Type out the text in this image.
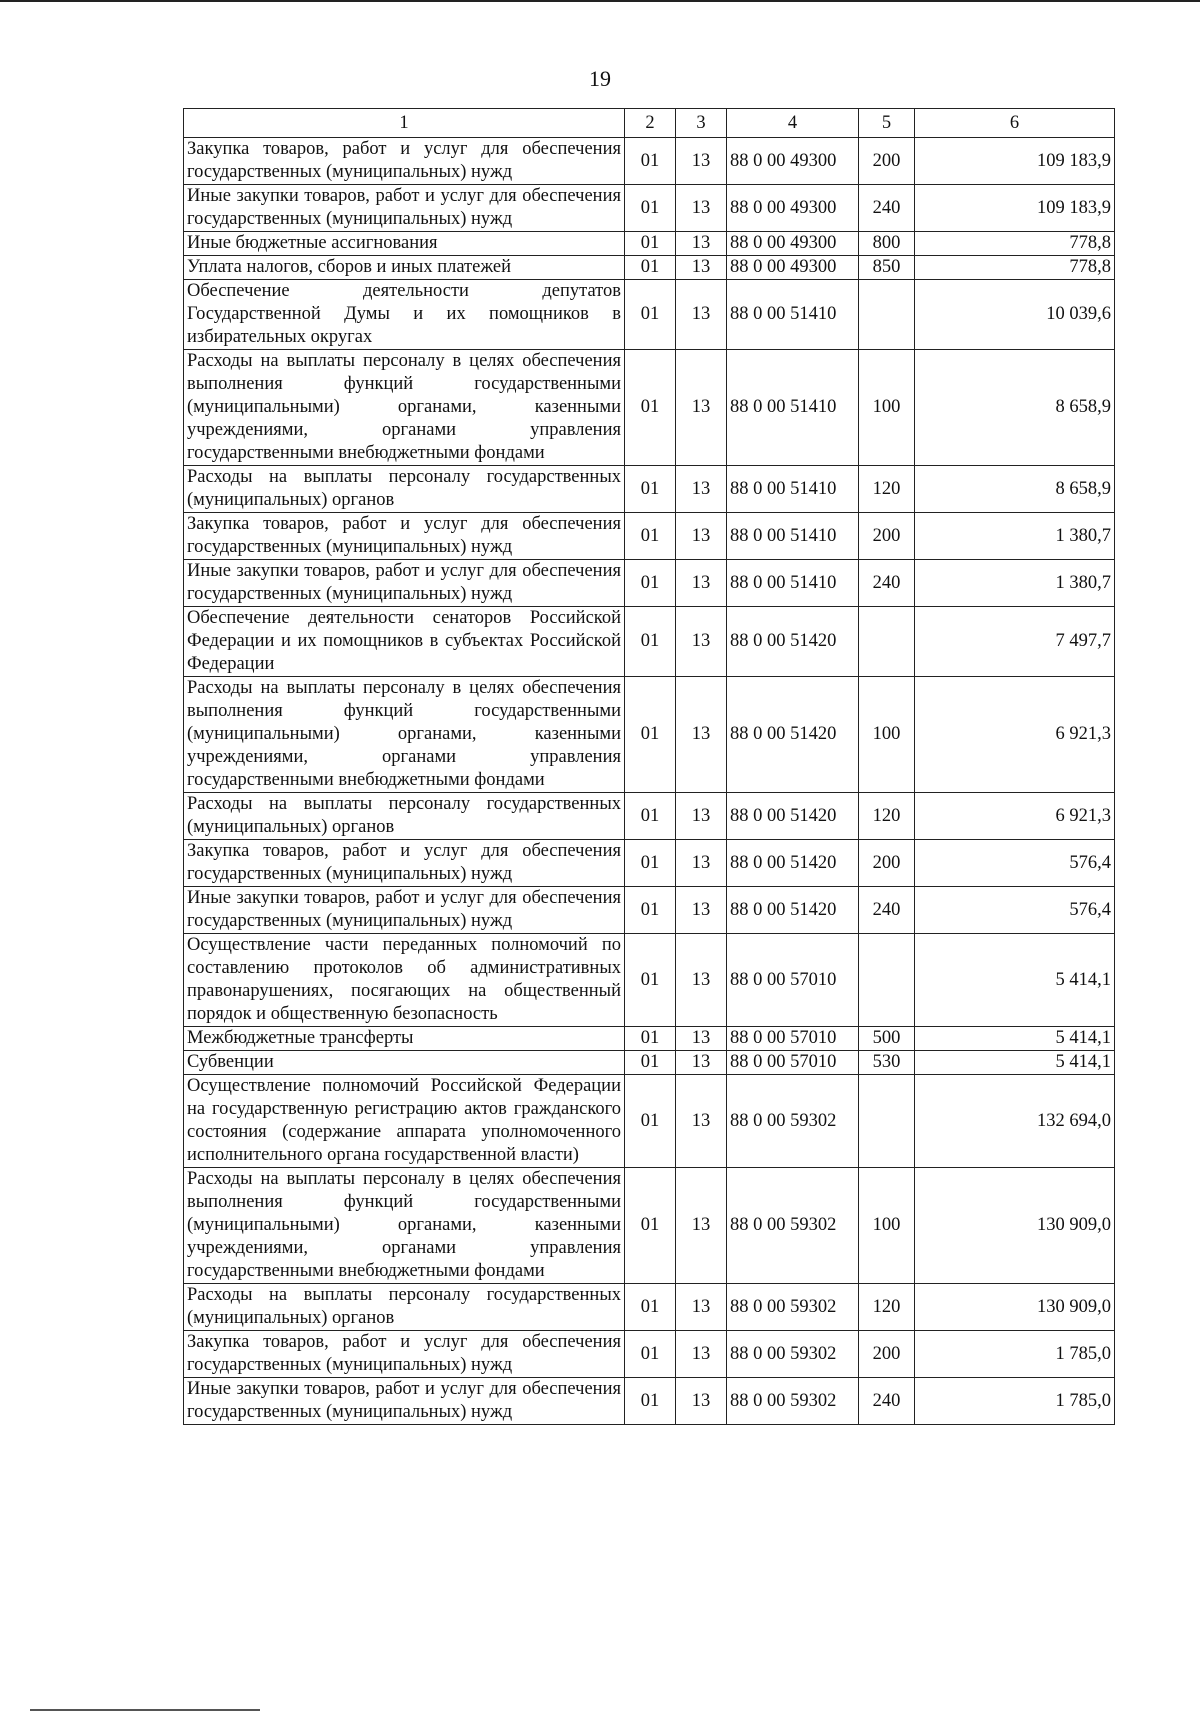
19
1	2	3	4	5	6
Закупка товаров, работ и услуг для обеспечения государственных (муниципальных) нужд	01	13	88 0 00 49300	200	109 183,9
Иные закупки товаров, работ и услуг для обеспечения государственных (муниципальных) нужд	01	13	88 0 00 49300	240	109 183,9
Иные бюджетные ассигнования	01	13	88 0 00 49300	800	778,8
Уплата налогов, сборов и иных платежей	01	13	88 0 00 49300	850	778,8
Обеспечение деятельности депутатов Государственной Думы и их помощников в избирательных округах	01	13	88 0 00 51410		10 039,6
Расходы на выплаты персоналу в целях обеспечения выполнения функций государственными (муниципальными) органами, казенными учреждениями, органами управления государственными внебюджетными фондами	01	13	88 0 00 51410	100	8 658,9
Расходы на выплаты персоналу государственных (муниципальных) органов	01	13	88 0 00 51410	120	8 658,9
Закупка товаров, работ и услуг для обеспечения государственных (муниципальных) нужд	01	13	88 0 00 51410	200	1 380,7
Иные закупки товаров, работ и услуг для обеспечения государственных (муниципальных) нужд	01	13	88 0 00 51410	240	1 380,7
Обеспечение деятельности сенаторов Российской Федерации и их помощников в субъектах Российской Федерации	01	13	88 0 00 51420		7 497,7
Расходы на выплаты персоналу в целях обеспечения выполнения функций государственными (муниципальными) органами, казенными учреждениями, органами управления государственными внебюджетными фондами	01	13	88 0 00 51420	100	6 921,3
Расходы на выплаты персоналу государственных (муниципальных) органов	01	13	88 0 00 51420	120	6 921,3
Закупка товаров, работ и услуг для обеспечения государственных (муниципальных) нужд	01	13	88 0 00 51420	200	576,4
Иные закупки товаров, работ и услуг для обеспечения государственных (муниципальных) нужд	01	13	88 0 00 51420	240	576,4
Осуществление части переданных полномочий по составлению протоколов об административных правонарушениях, посягающих на общественный порядок и общественную безопасность	01	13	88 0 00 57010		5 414,1
Межбюджетные трансферты	01	13	88 0 00 57010	500	5 414,1
Субвенции	01	13	88 0 00 57010	530	5 414,1
Осуществление полномочий Российской Федерации на государственную регистрацию актов гражданского состояния (содержание аппарата уполномоченного исполнительного органа государственной власти)	01	13	88 0 00 59302		132 694,0
Расходы на выплаты персоналу в целях обеспечения выполнения функций государственными (муниципальными) органами, казенными учреждениями, органами управления государственными внебюджетными фондами	01	13	88 0 00 59302	100	130 909,0
Расходы на выплаты персоналу государственных (муниципальных) органов	01	13	88 0 00 59302	120	130 909,0
Закупка товаров, работ и услуг для обеспечения государственных (муниципальных) нужд	01	13	88 0 00 59302	200	1 785,0
Иные закупки товаров, работ и услуг для обеспечения государственных (муниципальных) нужд	01	13	88 0 00 59302	240	1 785,0
